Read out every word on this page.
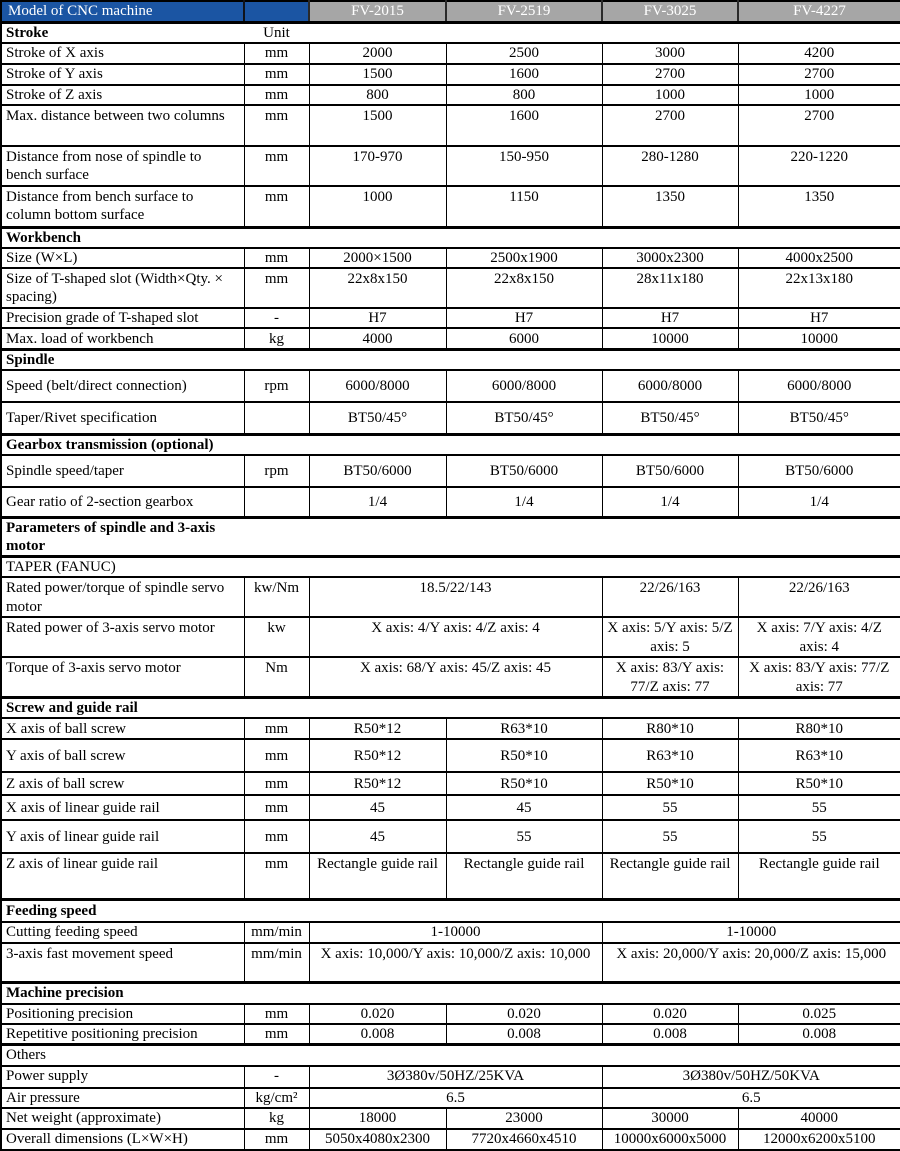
Model of CNC machine		FV-2015	FV-2519	FV-3025	FV-4227
Stroke	Unit				
Stroke of X axis	mm	2000	2500	3000	4200
Stroke of Y axis	mm	1500	1600	2700	2700
Stroke of Z axis	mm	800	800	1000	1000
Max. distance between two columns	mm	1500	1600	2700	2700
Distance from nose of spindle to bench surface	mm	170-970	150-950	280-1280	220-1220
Distance from bench surface to column bottom surface	mm	1000	1150	1350	1350
Workbench					
Size (W×L)	mm	2000×1500	2500x1900	3000x2300	4000x2500
Size of T-shaped slot (Width×Qty. × spacing)	mm	22x8x150	22x8x150	28x11x180	22x13x180
Precision grade of T-shaped slot	-	H7	H7	H7	H7
Max. load of workbench	kg	4000	6000	10000	10000
Spindle					
Speed (belt/direct connection)	rpm	6000/8000	6000/8000	6000/8000	6000/8000
Taper/Rivet specification		BT50/45°	BT50/45°	BT50/45°	BT50/45°
Gearbox transmission (optional)					
Spindle speed/taper	rpm	BT50/6000	BT50/6000	BT50/6000	BT50/6000
Gear ratio of 2-section gearbox		1/4	1/4	1/4	1/4
Parameters of spindle and 3-axis motor					
TAPER (FANUC)					
Rated power/torque of spindle servo motor	kw/Nm	18.5/22/143		22/26/163	22/26/163
Rated power of 3-axis servo motor	kw	X axis: 4/Y axis: 4/Z axis: 4		X axis: 5/Y axis: 5/Z axis: 5	X axis: 7/Y axis: 4/Z axis: 4
Torque of 3-axis servo motor	Nm	X axis: 68/Y axis: 45/Z axis: 45		X axis: 83/Y axis: 77/Z axis: 77	X axis: 83/Y axis: 77/Z axis: 77
Screw and guide rail					
X axis of ball screw	mm	R50*12	R63*10	R80*10	R80*10
Y axis of ball screw	mm	R50*12	R50*10	R63*10	R63*10
Z axis of ball screw	mm	R50*12	R50*10	R50*10	R50*10
X axis of linear guide rail	mm	45	45	55	55
Y axis of linear guide rail	mm	45	55	55	55
Z axis of linear guide rail	mm	Rectangle guide rail	Rectangle guide rail	Rectangle guide rail	Rectangle guide rail
Feeding speed					
Cutting feeding speed	mm/min	1-10000		1-10000	
3-axis fast movement speed	mm/min	X axis: 10,000/Y axis: 10,000/Z axis: 10,000		X axis: 20,000/Y axis: 20,000/Z axis: 15,000	
Machine precision					
Positioning precision	mm	0.020	0.020	0.020	0.025
Repetitive positioning precision	mm	0.008	0.008	0.008	0.008
Others					
Power supply	-	3Ø380v/50HZ/25KVA		3Ø380v/50HZ/50KVA	
Air pressure	kg/cm²	6.5		6.5	
Net weight (approximate)	kg	18000	23000	30000	40000
Overall dimensions (L×W×H)	mm	5050x4080x2300	7720x4660x4510	10000x6000x5000	12000x6200x5100
